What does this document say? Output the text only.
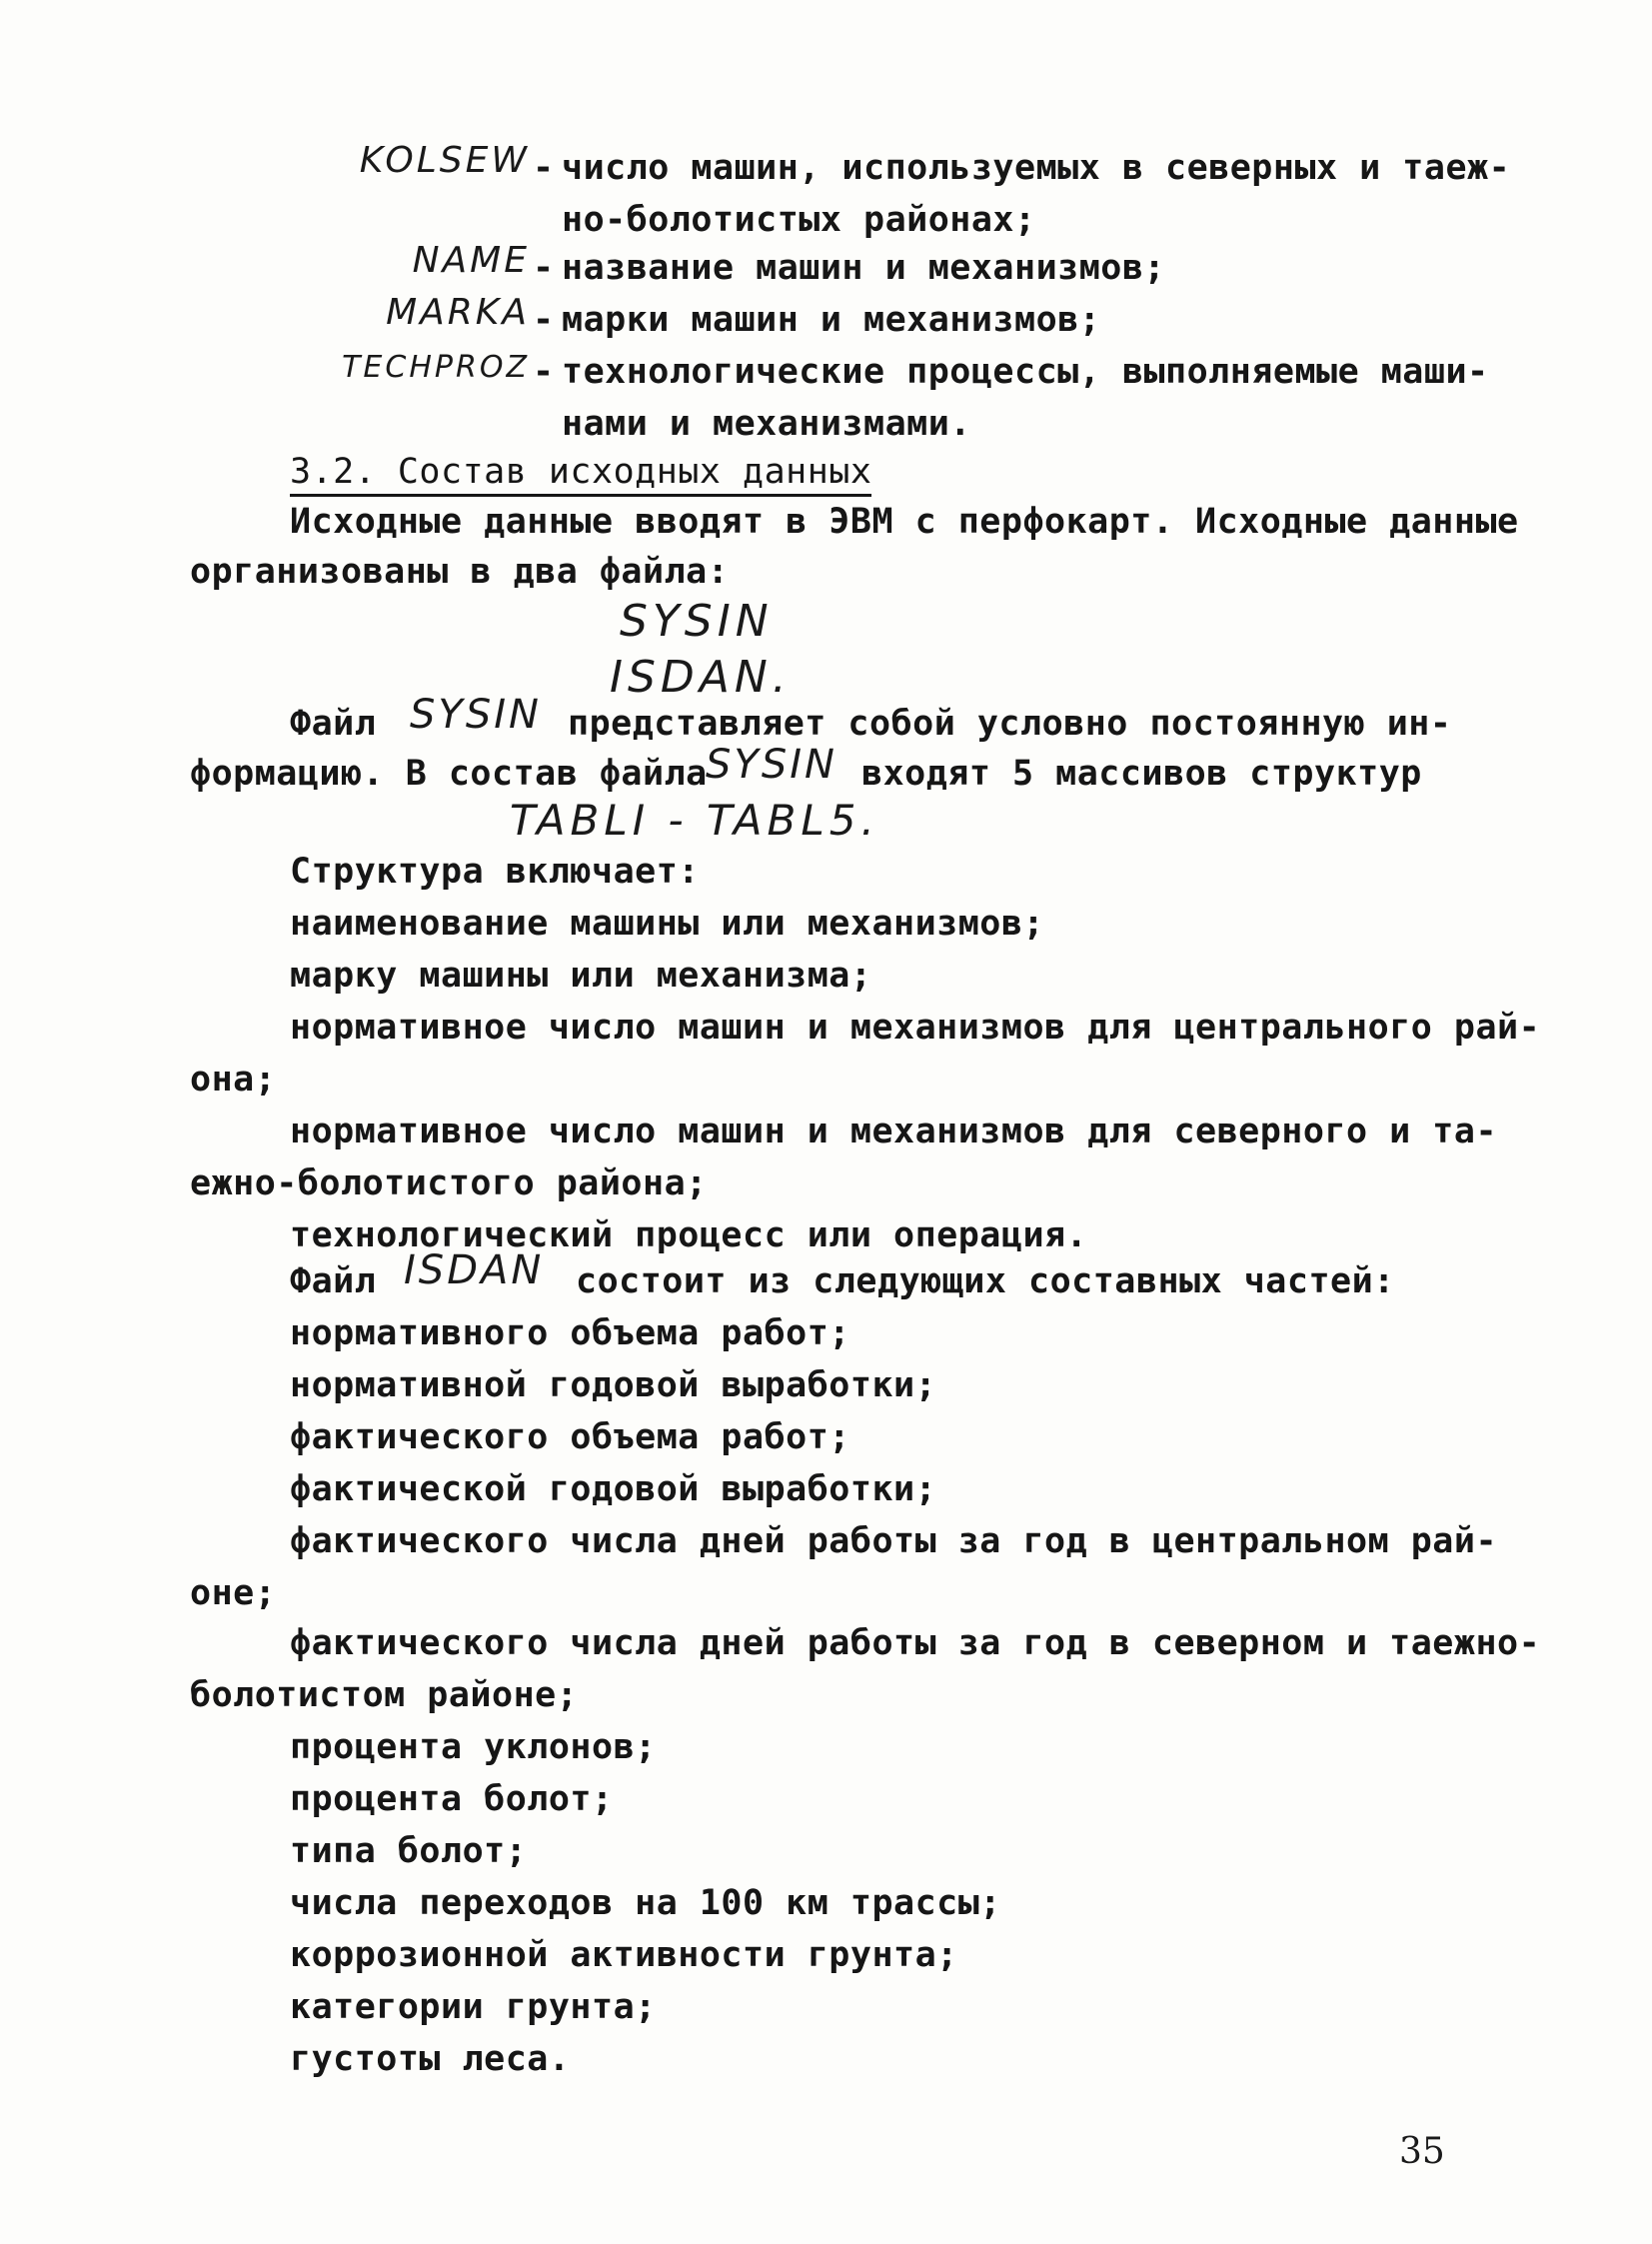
KOLSEW - число машин, используемых в северных и таеж-
но-болотистых районах;
NAME - название машин и механизмов;
MARKA - марки машин и механизмов;
TECHPROZ - технологические процессы, выполняемые маши-
нами и механизмами.
3.2. Состав исходных данных
Исходные данные вводят в ЭВМ с перфокарт. Исходные данные
организованы в два файла:
SYSIN
ISDAN.
Файл SYSIN представляет собой условно постоянную ин-
формацию. В состав файла
SYSIN входят 5 массивов структур
TABLI - TABL5.
Структура включает:
наименование машины или механизмов;
марку машины или механизма;
нормативное число машин и механизмов для центрального рай-
она;
нормативное число машин и механизмов для северного и та-
ежно-болотистого района;
технологический процесс или операция.
Файл ISDAN состоит из следующих составных частей:
нормативного объема работ;
нормативной годовой выработки;
фактического объема работ;
фактической годовой выработки;
фактического числа дней работы за год в центральном рай-
оне;
фактического числа дней работы за год в северном и таежно-
болотистом районе;
процента уклонов;
процента болот;
типа болот;
числа переходов на 100 км трассы;
коррозионной активности грунта;
категории грунта;
густоты леса.
35
